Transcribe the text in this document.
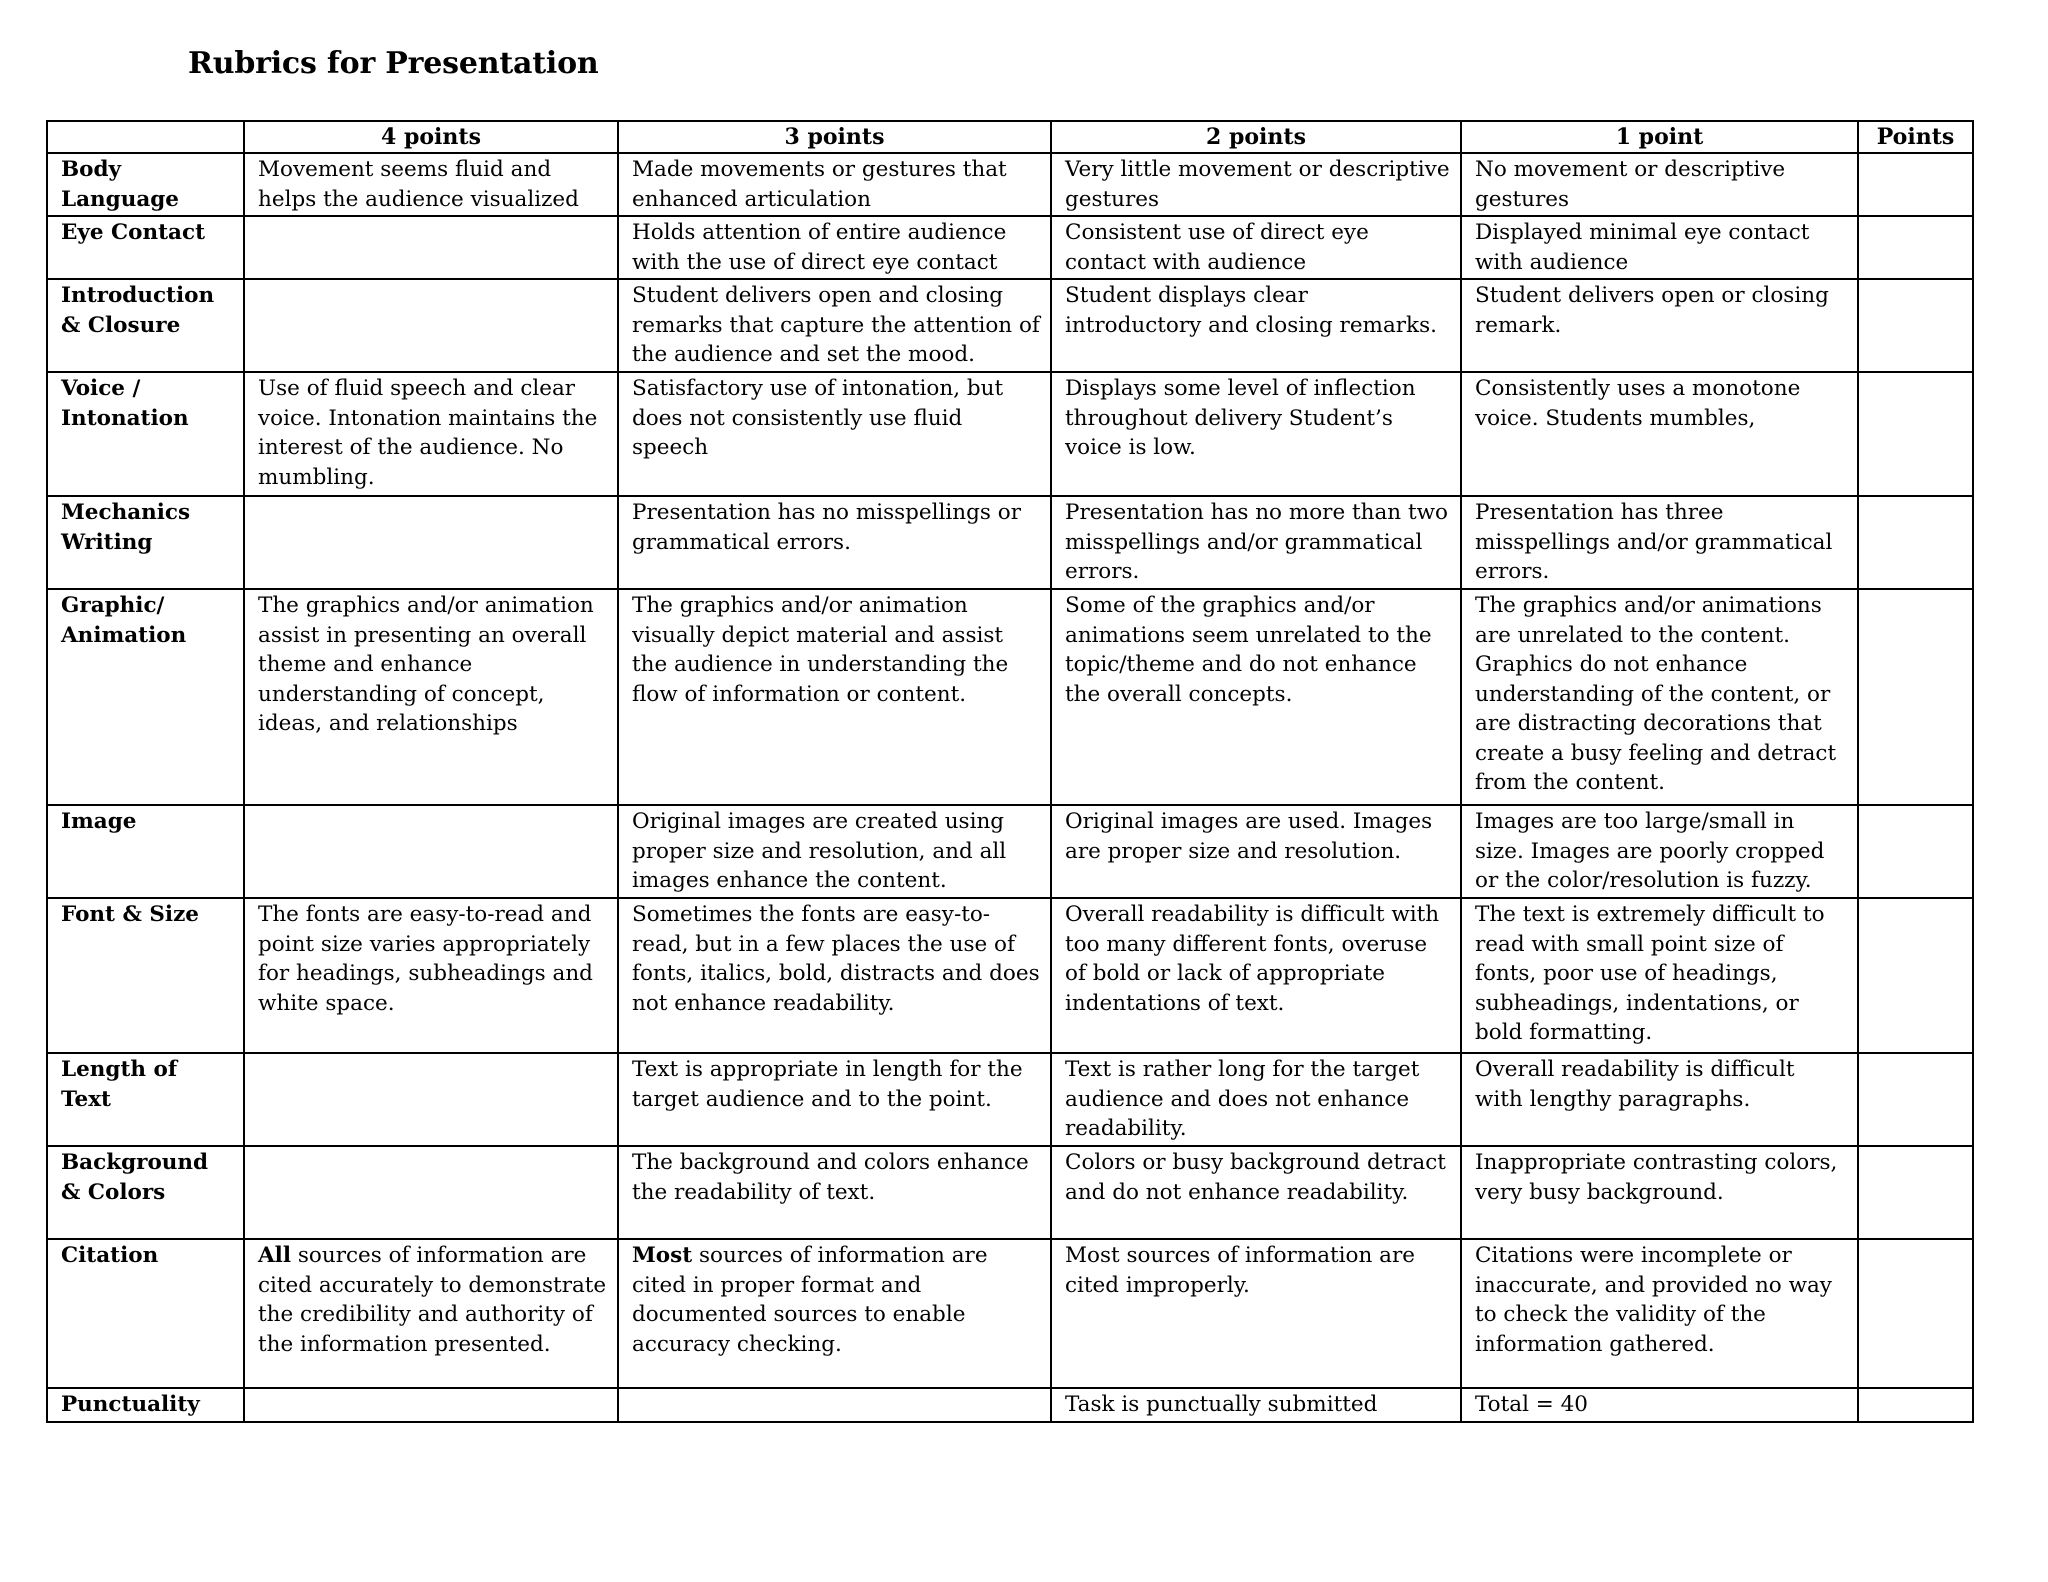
Rubrics for Presentation
	4 points	3 points	2 points	1 point	Points
Body Language	Movement seems fluid and helps the audience visualized	Made movements or gestures that enhanced articulation	Very little movement or descriptive gestures	No movement or descriptive gestures	
Eye Contact		Holds attention of entire audience with the use of direct eye contact	Consistent use of direct eye contact with audience	Displayed minimal eye contact with audience	
Introduction & Closure		Student delivers open and closing remarks that capture the attention of the audience and set the mood.	Student displays clear introductory and closing remarks.	Student delivers open or closing remark.	
Voice / Intonation	Use of fluid speech and clear voice. Intonation maintains the interest of the audience. No mumbling.	Satisfactory use of intonation, but does not consistently use fluid speech	Displays some level of inflection throughout delivery Student’s voice is low.	Consistently uses a monotone voice. Students mumbles,	
Mechanics Writing		Presentation has no misspellings or grammatical errors.	Presentation has no more than two misspellings and/or grammatical errors.	Presentation has three misspellings and/or grammatical errors.	
Graphic/ Animation	The graphics and/or animation assist in presenting an overall theme and enhance understanding of concept, ideas, and relationships	The graphics and/or animation visually depict material and assist the audience in understanding the flow of information or content.	Some of the graphics and/or animations seem unrelated to the topic/theme and do not enhance the overall concepts.	The graphics and/or animations are unrelated to the content. Graphics do not enhance understanding of the content, or are distracting decorations that create a busy feeling and detract from the content.	
Image		Original images are created using proper size and resolution, and all images enhance the content.	Original images are used. Images are proper size and resolution.	Images are too large/small in size. Images are poorly cropped or the color/resolution is fuzzy.	
Font & Size	The fonts are easy-to-read and point size varies appropriately for headings, subheadings and white space.	Sometimes the fonts are easy-to-read, but in a few places the use of fonts, italics, bold, distracts and does not enhance readability.	Overall readability is difficult with too many different fonts, overuse of bold or lack of appropriate indentations of text.	The text is extremely difficult to read with small point size of fonts, poor use of headings, subheadings, indentations, or bold formatting.	
Length of Text		Text is appropriate in length for the target audience and to the point.	Text is rather long for the target audience and does not enhance readability.	Overall readability is difficult with lengthy paragraphs.	
Background & Colors		The background and colors enhance the readability of text.	Colors or busy background detract and do not enhance readability.	Inappropriate contrasting colors, very busy background.	
Citation	All sources of information are cited accurately to demonstrate the credibility and authority of the information presented.	Most sources of information are cited in proper format and documented sources to enable accuracy checking.	Most sources of information are cited improperly.	Citations were incomplete or inaccurate, and provided no way to check the validity of the information gathered.	
Punctuality			Task is punctually submitted	Total = 40	
